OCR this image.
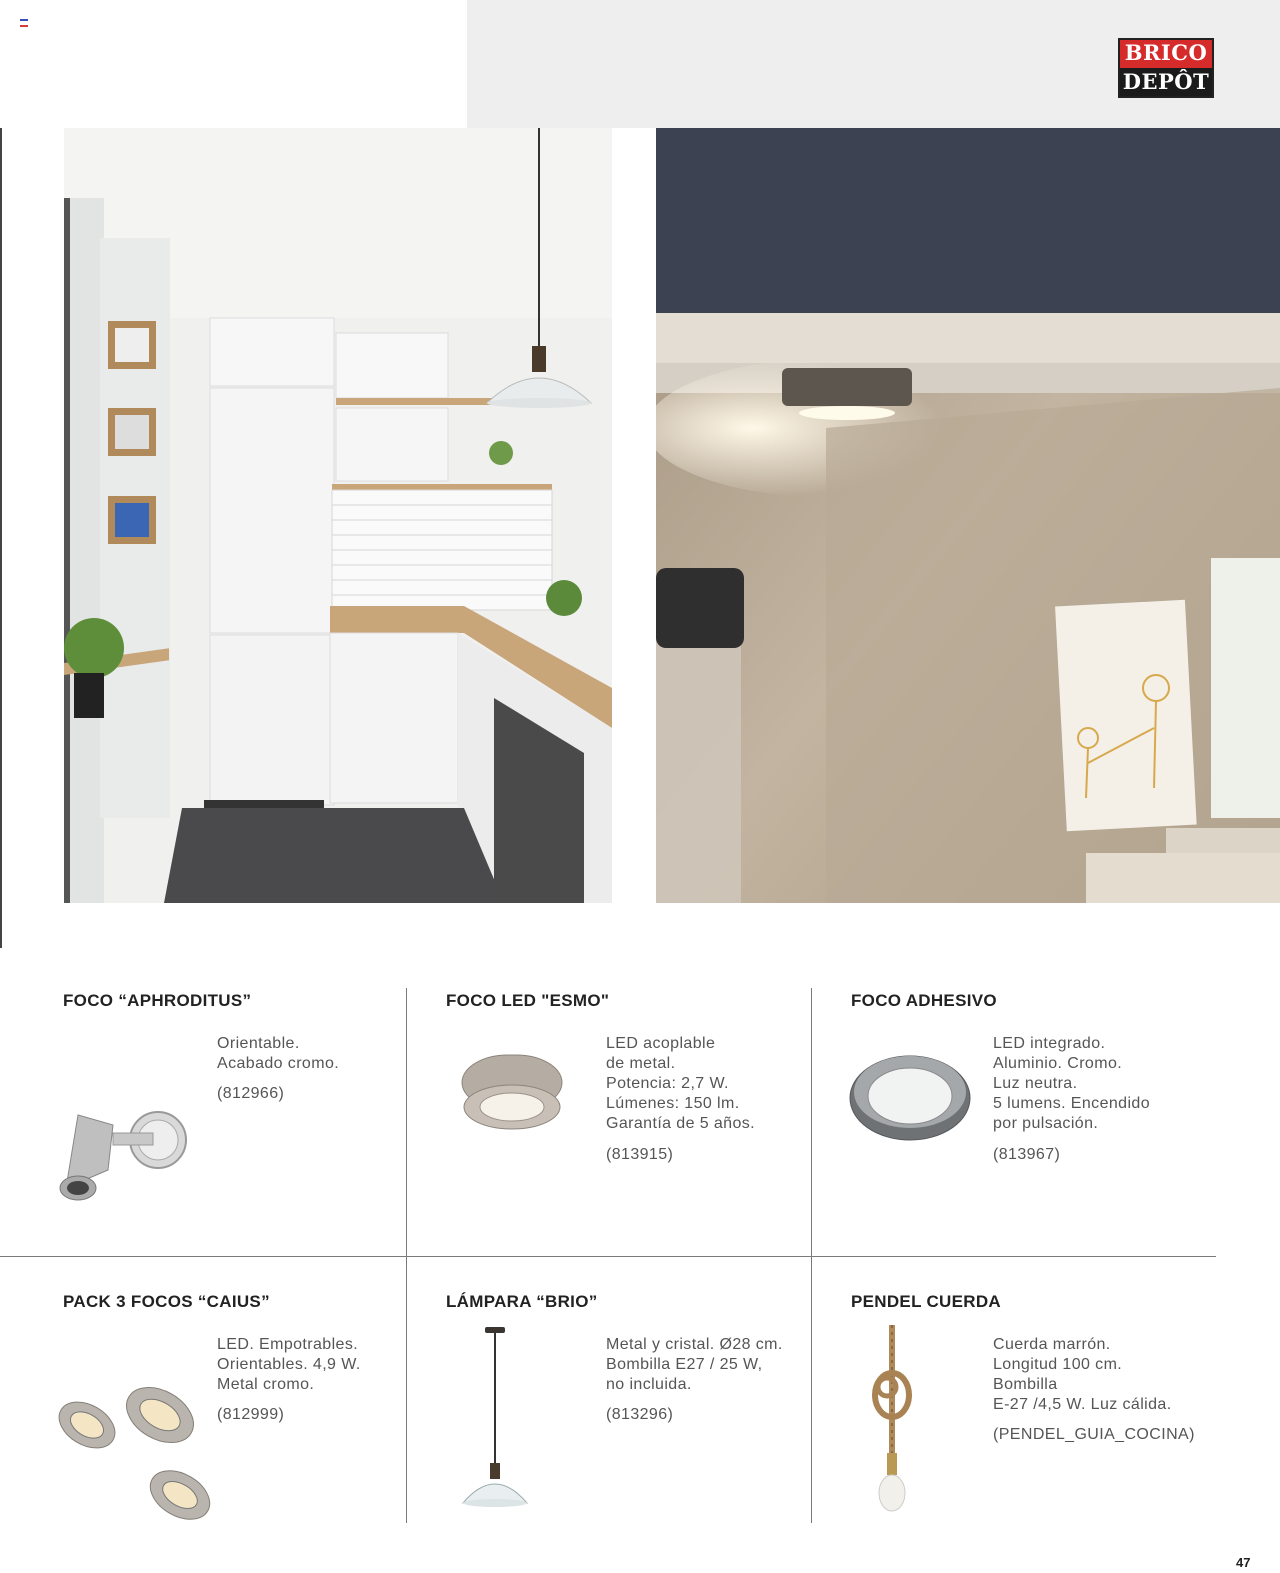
BRICO
DEPÔT
FOCO “APHRODITUS”
Orientable.
Acabado cromo.
(812966)
FOCO LED "ESMO"
LED acoplable
de metal.
Potencia: 2,7 W.
Lúmenes: 150 lm.
Garantía de 5 años.
(813915)
FOCO ADHESIVO
LED integrado.
Aluminio. Cromo.
Luz neutra.
5 lumens. Encendido
por pulsación.
(813967)
PACK 3 FOCOS “CAIUS”
LED. Empotrables.
Orientables. 4,9 W.
Metal cromo.
(812999)
LÁMPARA “BRIO”
Metal y cristal. Ø28 cm.
Bombilla E27 / 25 W,
no incluida.
(813296)
PENDEL CUERDA
Cuerda marrón.
Longitud 100 cm.
Bombilla
E-27 /4,5 W. Luz cálida.
(PENDEL_GUIA_COCINA)
47
